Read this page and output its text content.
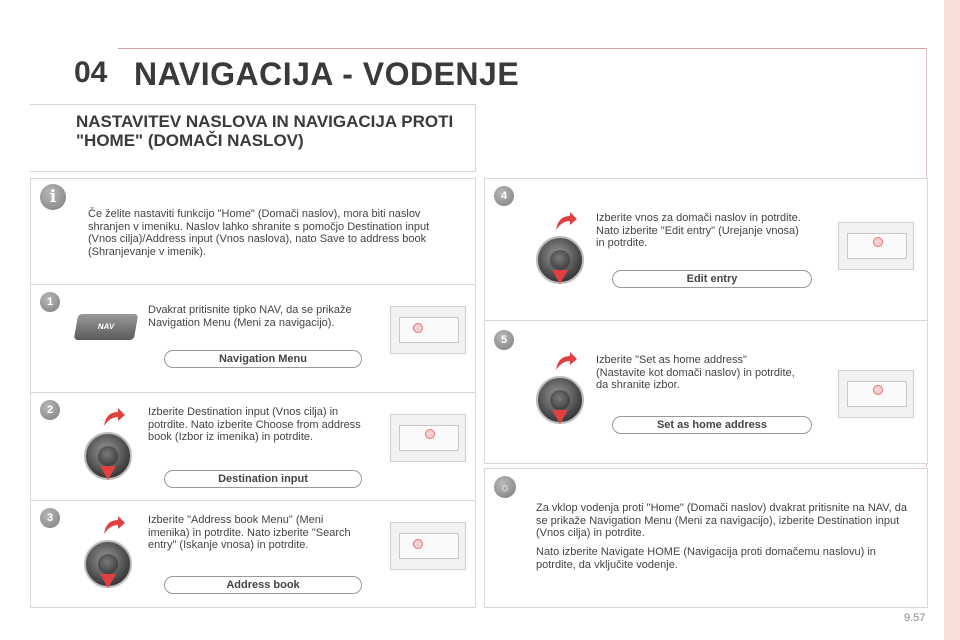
04 NAVIGACIJA - VODENJE
NASTAVITEV NASLOVA IN NAVIGACIJA PROTI "HOME" (DOMAČI NASLOV)
i
Če želite nastaviti funkcijo "Home" (Domači naslov), mora biti naslov shranjen v imeniku. Naslov lahko shranite s pomočjo Destination input (Vnos cilja)/Address input (Vnos naslova), nato Save to address book (Shranjevanje v imenik).
1
NAV
Dvakrat pritisnite tipko NAV, da se prikaže Navigation Menu (Meni za navigacijo).
Navigation Menu
2	Izberite Destination input (Vnos cilja) in potrdite. Nato izberite Choose from address book (Izbor iz imenika) in potrdite.
Destination input
3	Izberite "Address book Menu" (Meni imenika) in potrdite. Nato izberite "Search entry" (Iskanje vnosa) in potrdite.
Address book
4
Izberite vnos za domači naslov in potrdite. Nato izberite "Edit entry" (Urejanje vnosa) in potrdite.
Edit entry
5
Izberite "Set as home address" (Nastavite kot domači naslov) in potrdite, da shranite izbor.
Set as home address
☼
Za vklop vodenja proti "Home" (Domači naslov) dvakrat pritisnite na NAV, da se prikaže Navigation Menu (Meni za navigacijo), izberite Destination input (Vnos cilja) in potrdite.
Nato izberite Navigate HOME (Navigacija proti domačemu naslovu) in potrdite, da vključite vodenje.
9.57
